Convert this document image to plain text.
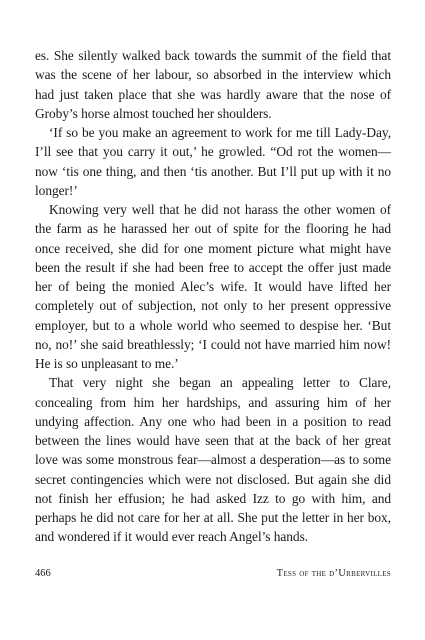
es. She silently walked back towards the summit of the field that was the scene of her labour, so absorbed in the interview which had just taken place that she was hardly aware that the nose of Groby’s horse almost touched her shoulders.

‘If so be you make an agreement to work for me till Lady-Day, I’ll see that you carry it out,’ he growled. “Od rot the women—now ‘tis one thing, and then ‘tis another. But I’ll put up with it no longer!’

Knowing very well that he did not harass the other women of the farm as he harassed her out of spite for the flooring he had once received, she did for one moment picture what might have been the result if she had been free to accept the offer just made her of being the monied Alec’s wife. It would have lifted her completely out of subjection, not only to her present oppressive employer, but to a whole world who seemed to despise her. ‘But no, no!’ she said breathlessly; ‘I could not have married him now! He is so unpleasant to me.’

That very night she began an appealing letter to Clare, concealing from him her hardships, and assuring him of her undying affection. Any one who had been in a position to read between the lines would have seen that at the back of her great love was some monstrous fear—almost a desperation—as to some secret contingencies which were not disclosed. But again she did not finish her effusion; he had asked Izz to go with him, and perhaps he did not care for her at all. She put the letter in her box, and wondered if it would ever reach Angel’s hands.

466	Tess of the d’Urbervilles
